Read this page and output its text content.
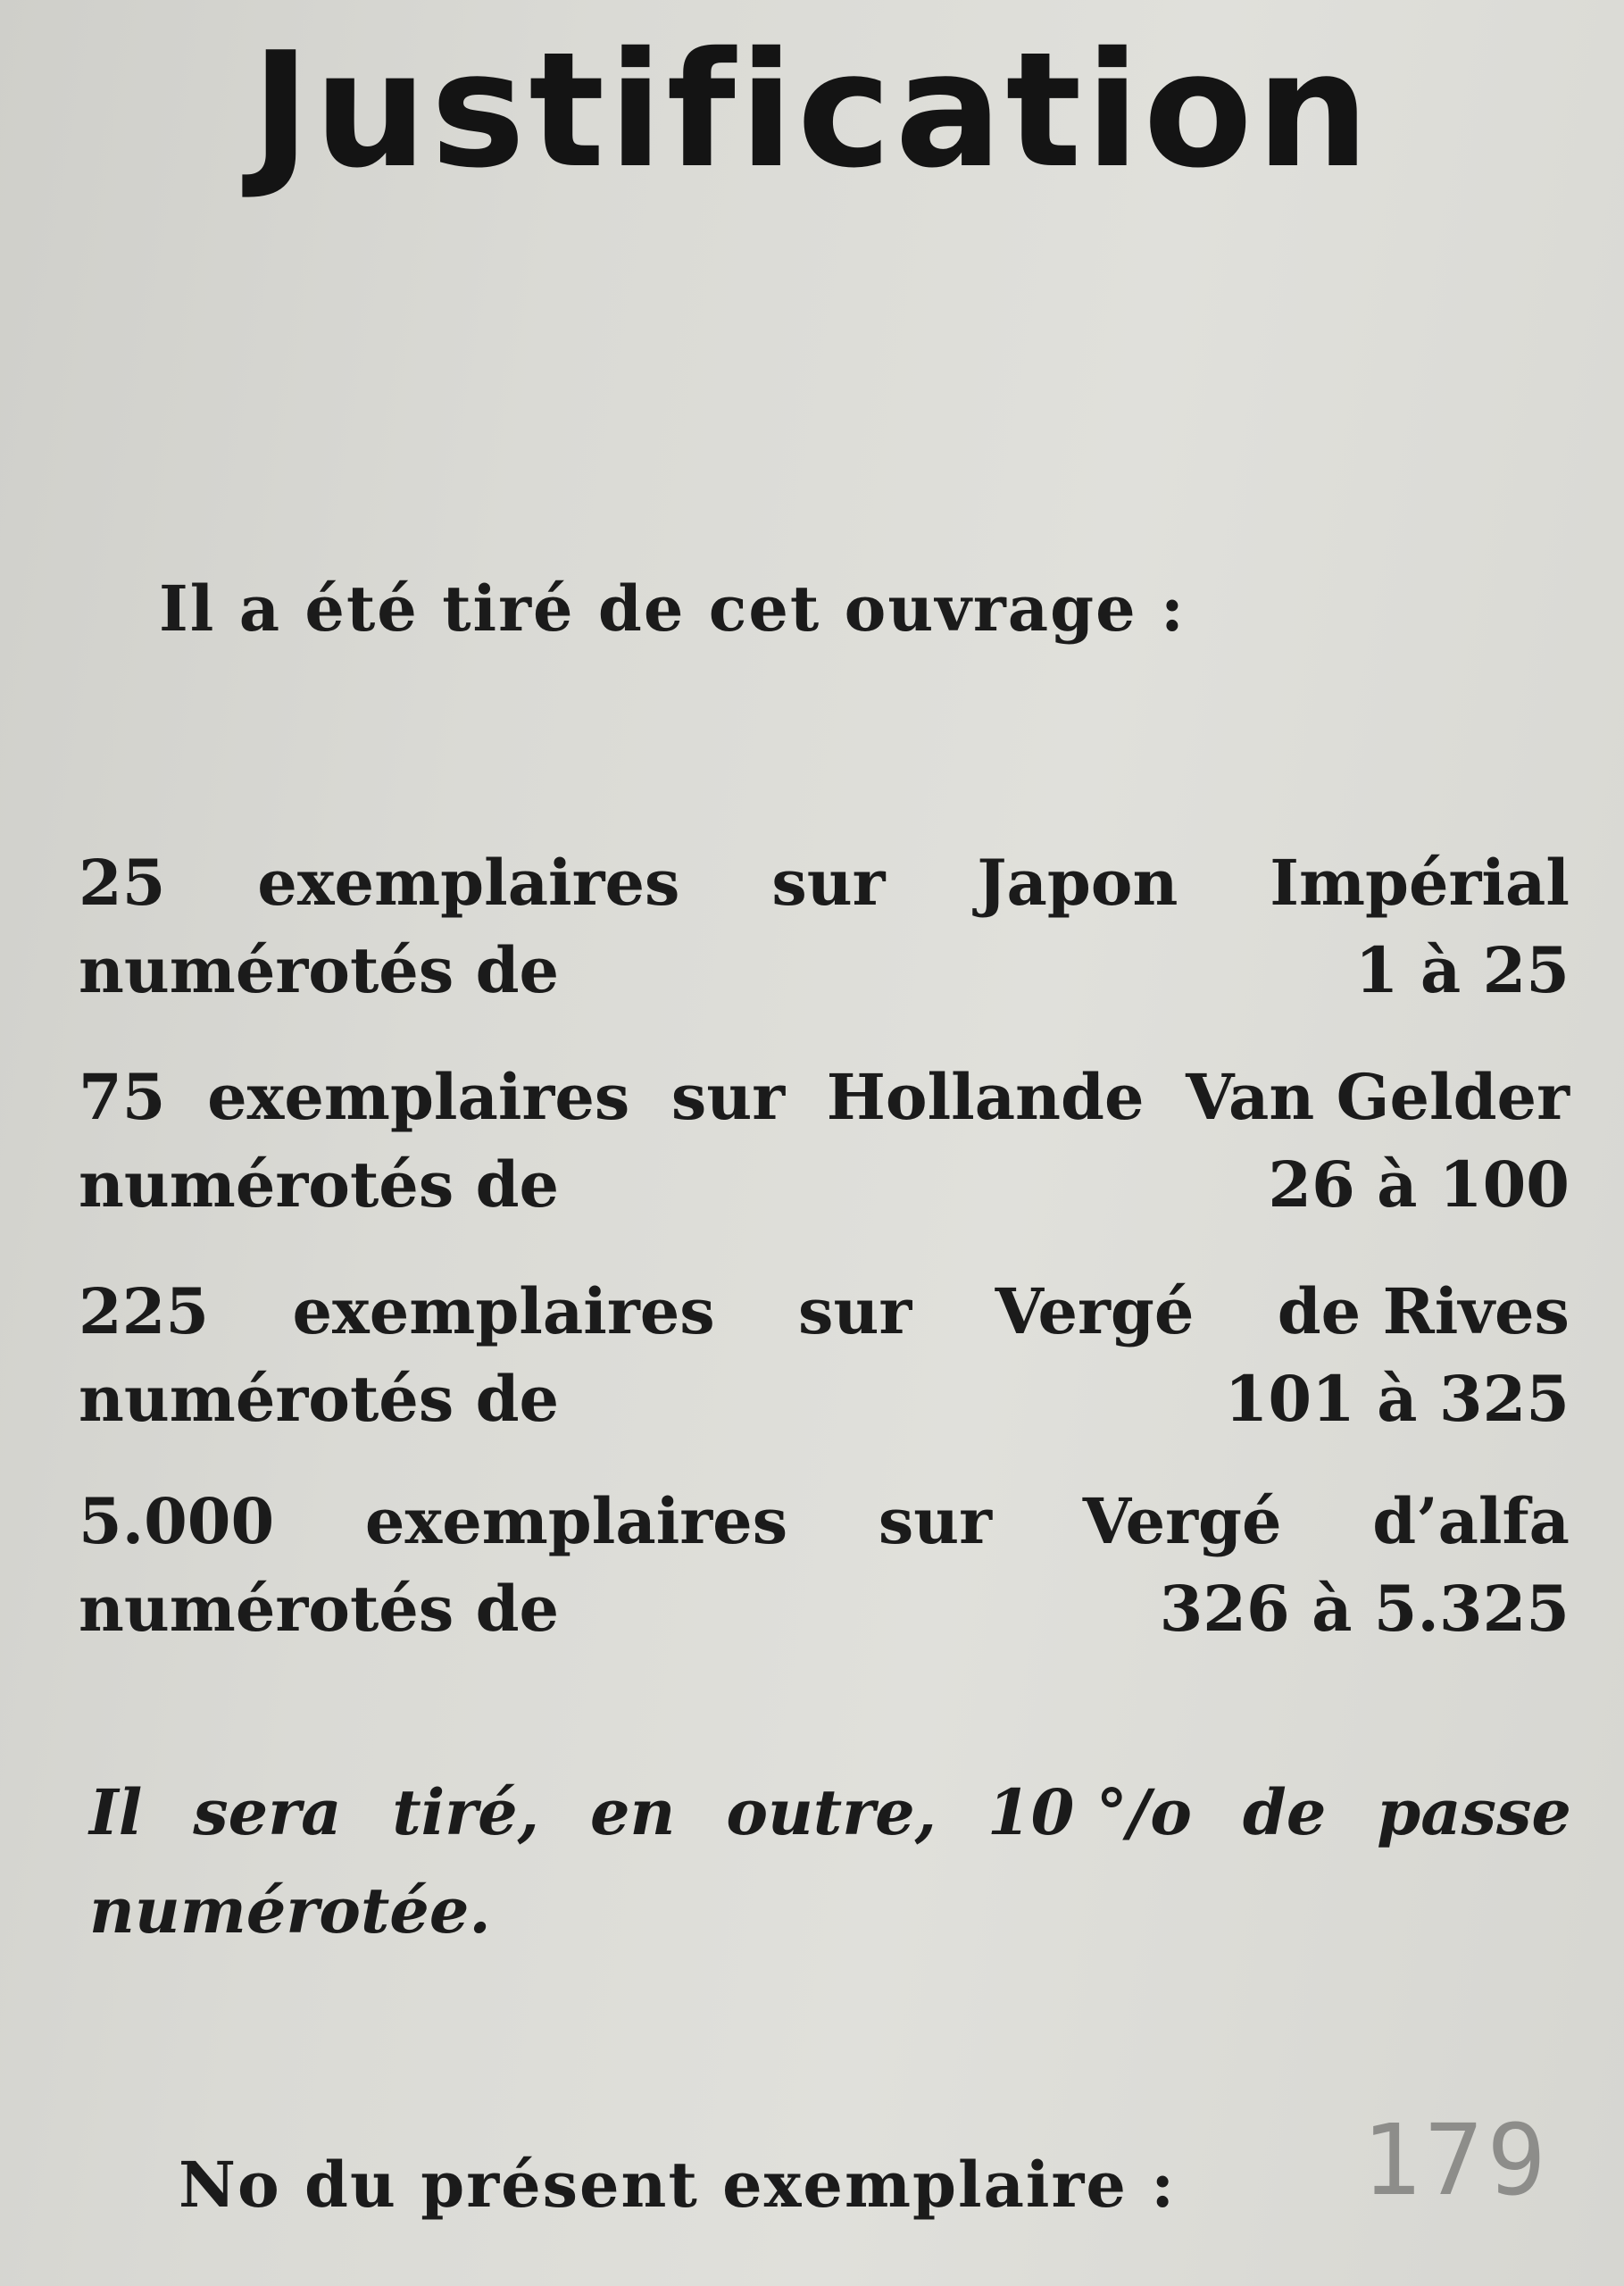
Justification

Il a été tiré de cet ouvrage :

25 exemplaires sur Japon Impérial
numérotés de	1 à 25
75 exemplaires sur Hollande Van Gelder
numérotés de	26 à 100
225 exemplaires sur Vergé de Rives
numérotés de	101 à 325
5.000 exemplaires sur Vergé d’alfa
numérotés de	326 à 5.325
Il sera tiré, en outre, 10 °/o de passe
numérotée.
No du présent exemplaire : 179
